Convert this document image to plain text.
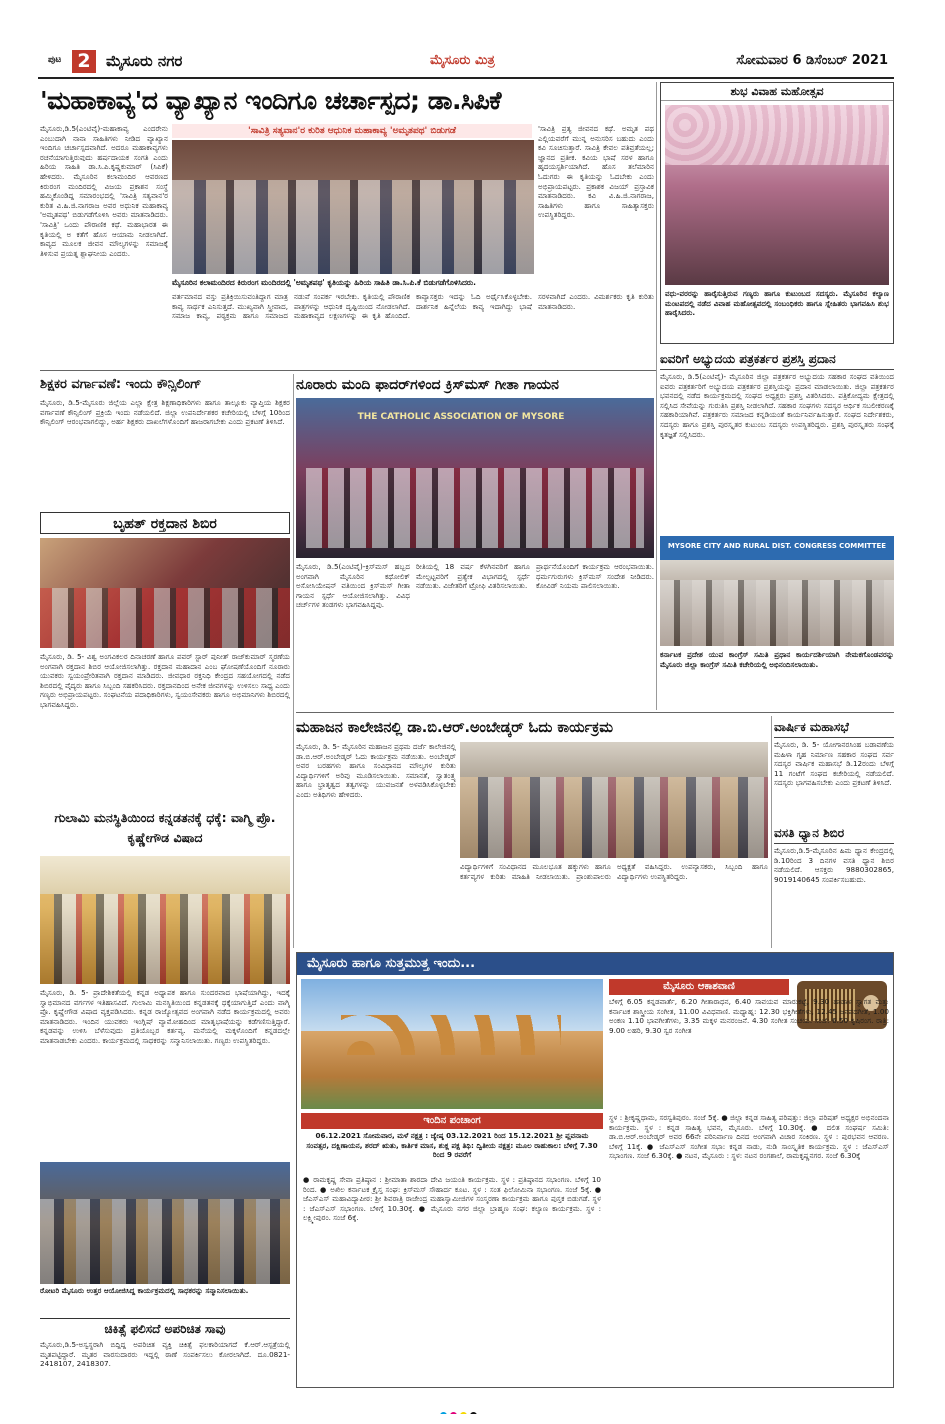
ಪುಟ 2	ಮೈಸೂರು ನಗರ	ಮೈಸೂರು ಮಿತ್ರ	ಸೋಮವಾರ 6 ಡಿಸೆಂಬರ್ 2021
'ಮಹಾಕಾವ್ಯ'ದ ವ್ಯಾಖ್ಯಾನ ಇಂದಿಗೂ ಚರ್ಚಾಸ್ಪದ; ಡಾ.ಸಿಪಿಕೆ
'ಸಾವಿತ್ರಿ ಸತ್ಯವಾನ'ರ ಕುರಿತ ಆಧುನಿಕ ಮಹಾಕಾವ್ಯ 'ಅಮೃತಪಥ' ಬಿಡುಗಡೆ
ಮೈಸೂರು,ಡಿ.5(ಎಂಟಿವೈ)-ಮಹಾಕಾವ್ಯ ಎಂದರೇನು ಎಂಬುದಾಗಿ ನಾನಾ ಸಾಹಿತಿಗಳು ನೀಡಿದ ವ್ಯಾಖ್ಯಾನ ಇಂದಿಗೂ ಚರ್ಚಾಸ್ಪದವಾಗಿದೆ. ಅದರೂ ಮಹಾಕಾವ್ಯಗಳು ರಚನೆಯಾಗುತ್ತಿರುವುದು ಹರ್ಷದಾಯಕ ಸಂಗತಿ ಎಂದು ಹಿರಿಯ ಸಾಹಿತಿ ಡಾ.ಸಿ.ಪಿ.ಕೃಷ್ಣಕುಮಾರ್ (ಸಿಪಿಕೆ) ಹೇಳಿದರು. ಮೈಸೂರಿನ ಕಲಾಮಂದಿರ ಆವರಣದ ಕಿರುರಂಗ ಮಂದಿರದಲ್ಲಿ ವಿಜಯ ಪ್ರಕಾಶನ ಸಂಸ್ಥೆ ಹಮ್ಮಿಕೊಂಡಿದ್ದ ಸಮಾರಂಭದಲ್ಲಿ 'ಸಾವಿತ್ರಿ ಸತ್ಯವಾನ'ರ ಕುರಿತ ವಿ.ಹಿ.ಜಿ.ನಾಗರಾಜ ಅವರ ಅಧುನಿಕ ಮಹಾಕಾವ್ಯ 'ಅಮೃತಪಥ' ಬಿಡುಗಡೆಗೊಳಿಸಿ ಅವರು ಮಾತನಾಡಿದರು. 'ಸಾವಿತ್ರಿ' ಒಂದು ಪೌರಾಣಿಕ ಕಥೆ. ಮಹಾಭಾರತ ಈ ಕೃತಿಯಲ್ಲಿ ಅ ಕತೆಗೆ ಹೊಸ ಆಯಾಮ ನೀಡಲಾಗಿದೆ. ಕಾವ್ಯದ ಮೂಲಕ ಜೀವನ ಮೌಲ್ಯಗಳನ್ನು ಸಮಾಜಕ್ಕೆ ತಿಳಿಸುವ ಪ್ರಯತ್ನ ಶ್ಲಾಘನೀಯ ಎಂದರು.
'ಸಾವಿತ್ರಿ ಪ್ರತ್ಯ ಜೀವನದ ಕಥೆ. ಅಮೃತ ಪಥ ಎಲ್ಲಿಯವರೆಗೆ ಮುನ್ನ ಅನುಸರಿಸ ಬಹುದು ಎಂದು ಕವಿ ಸೂಚಿಸುತ್ತಾರೆ. ಸಾವಿತ್ರಿ ಕೇವಲ ಪತಿವ್ರತೆಯಲ್ಲ; ಜ್ಞಾನದ ಪ್ರತೀಕ. ಕವಿಯ ಭಾಷೆ ಸರಳ ಹಾಗೂ ಹೃದಯಸ್ಪರ್ಶಿಯಾಗಿದೆ. ಹೊಸ ತಲೆಮಾರಿನ ಓದುಗರು ಈ ಕೃತಿಯನ್ನು ಓದಬೇಕು ಎಂದು ಅಭಿಪ್ರಾಯಪಟ್ಟರು. ಪ್ರಕಾಶಕ ವಿಜಯ್ ಪ್ರಸ್ತಾವಿಕ ಮಾತನಾಡಿದರು. ಕವಿ ವಿ.ಹಿ.ಜಿ.ನಾಗರಾಜ, ಸಾಹಿತಿಗಳು ಹಾಗೂ ಸಾಹಿತ್ಯಾಸಕ್ತರು ಉಪಸ್ಥಿತರಿದ್ದರು.
ಮೈಸೂರಿನ ಕಲಾಮಂದಿರದ ಕಿರುರಂಗ ಮಂದಿರದಲ್ಲಿ 'ಅಮೃತಪಥ' ಕೃತಿಯನ್ನು ಹಿರಿಯ ಸಾಹಿತಿ ಡಾ.ಸಿ.ಪಿ.ಕೆ ಬಿಡುಗಡೆಗೊಳಿಸಿದರು.
ವರ್ತಮಾನದ ವಸ್ತು ಪ್ರತಿಕ್ರಿಯಿಸುವಂತಿದ್ದಾಗ ಮಾತ್ರ ಕಾವ್ಯ ಸಾರ್ಥಕ ಎನಿಸುತ್ತದೆ. ಮುಖ್ಯವಾಗಿ ಸ್ತ್ರೀವಾದ, ಸಮಾಜ ಕಾವ್ಯ, ಪಠ್ಯಕ್ರಮ ಹಾಗೂ ಸಮಾಜದ ನಡುವೆ ಸಂಪರ್ಕ ಇರಬೇಕು. ಕೃತಿಯಲ್ಲಿ ಪೌರಾಣಿಕ ಪಾತ್ರಗಳನ್ನು ಆಧುನಿಕ ದೃಷ್ಟಿಯಿಂದ ನೋಡಲಾಗಿದೆ. ಮಹಾಕಾವ್ಯದ ಲಕ್ಷಣಗಳನ್ನು ಈ ಕೃತಿ ಹೊಂದಿದೆ. ಕಾವ್ಯಾಸಕ್ತರು ಇದನ್ನು ಓದಿ ಅರ್ಥೈಸಿಕೊಳ್ಳಬೇಕು. ದಾರ್ಶನಿಕ ಹಿನ್ನೆಲೆಯ ಕಾವ್ಯ ಇದಾಗಿದ್ದು ಭಾಷೆ ಸರಳವಾಗಿದೆ ಎಂದರು. ವಿಮರ್ಶಕರು ಕೃತಿ ಕುರಿತು ಮಾತನಾಡಿದರು.
ಶುಭ ವಿವಾಹ ಮಹೋತ್ಸವ
ವಧು-ವರರನ್ನು ಹಾರೈಸುತ್ತಿರುವ ಗಣ್ಯರು ಹಾಗೂ ಕುಟುಂಬದ ಸದಸ್ಯರು. ಮೈಸೂರಿನ ಕಲ್ಯಾಣ ಮಂಟಪದಲ್ಲಿ ನಡೆದ ವಿವಾಹ ಮಹೋತ್ಸವದಲ್ಲಿ ಸಂಬಂಧಿಕರು ಹಾಗೂ ಸ್ನೇಹಿತರು ಭಾಗವಹಿಸಿ ಶುಭ ಹಾರೈಸಿದರು.
ಐವರಿಗೆ ಅಭ್ಯುದಯ ಪತ್ರಕರ್ತರ ಪ್ರಶಸ್ತಿ ಪ್ರದಾನ
ಮೈಸೂರು, ಡಿ.5(ಎಂಟಿವೈ)- ಮೈಸೂರಿನ ಜಿಲ್ಲಾ ಪತ್ರಕರ್ತರ ಅಭ್ಯುದಯ ಸಹಕಾರ ಸಂಘದ ವತಿಯಿಂದ ಐವರು ಪತ್ರಕರ್ತರಿಗೆ ಅಭ್ಯುದಯ ಪತ್ರಕರ್ತರ ಪ್ರಶಸ್ತಿಯನ್ನು ಪ್ರದಾನ ಮಾಡಲಾಯಿತು. ಜಿಲ್ಲಾ ಪತ್ರಕರ್ತರ ಭವನದಲ್ಲಿ ನಡೆದ ಕಾರ್ಯಕ್ರಮದಲ್ಲಿ ಸಂಘದ ಅಧ್ಯಕ್ಷರು ಪ್ರಶಸ್ತಿ ವಿತರಿಸಿದರು. ಪತ್ರಿಕೋದ್ಯಮ ಕ್ಷೇತ್ರದಲ್ಲಿ ಸಲ್ಲಿಸಿದ ಸೇವೆಯನ್ನು ಗುರುತಿಸಿ ಪ್ರಶಸ್ತಿ ನೀಡಲಾಗಿದೆ. ಸಹಕಾರ ಸಂಘಗಳು ಸದಸ್ಯರ ಆರ್ಥಿಕ ಸಬಲೀಕರಣಕ್ಕೆ ಸಹಕಾರಿಯಾಗಿವೆ. ಪತ್ರಕರ್ತರು ಸಮಾಜದ ಕನ್ನಡಿಯಂತೆ ಕಾರ್ಯನಿರ್ವಹಿಸುತ್ತಾರೆ. ಸಂಘದ ನಿರ್ದೇಶಕರು, ಸದಸ್ಯರು ಹಾಗೂ ಪ್ರಶಸ್ತಿ ಪುರಸ್ಕೃತರ ಕುಟುಂಬ ಸದಸ್ಯರು ಉಪಸ್ಥಿತರಿದ್ದರು. ಪ್ರಶಸ್ತಿ ಪುರಸ್ಕೃತರು ಸಂಘಕ್ಕೆ ಕೃತಜ್ಞತೆ ಸಲ್ಲಿಸಿದರು.
ಶಿಕ್ಷಕರ ವರ್ಗಾವಣೆ: ಇಂದು ಕೌನ್ಸಿಲಿಂಗ್
ಮೈಸೂರು, ಡಿ.5-ಮೈಸೂರು ಜಿಲ್ಲೆಯ ಎಲ್ಲಾ ಕ್ಷೇತ್ರ ಶಿಕ್ಷಣಾಧಿಕಾರಿಗಳು ಹಾಗೂ ತಾಲ್ಲೂಕು ವ್ಯಾಪ್ತಿಯ ಶಿಕ್ಷಕರ ವರ್ಗಾವಣೆ ಕೌನ್ಸಿಲಿಂಗ್ ಪ್ರಕ್ರಿಯೆ ಇಂದು ನಡೆಯಲಿದೆ. ಜಿಲ್ಲಾ ಉಪನಿರ್ದೇಶಕರ ಕಚೇರಿಯಲ್ಲಿ ಬೆಳಿಗ್ಗೆ 10ರಿಂದ ಕೌನ್ಸಿಲಿಂಗ್ ಆರಂಭವಾಗಲಿದ್ದು, ಅರ್ಹ ಶಿಕ್ಷಕರು ದಾಖಲೆಗಳೊಂದಿಗೆ ಹಾಜರಾಗಬೇಕು ಎಂದು ಪ್ರಕಟಣೆ ತಿಳಿಸಿದೆ.
ನೂರಾರು ಮಂದಿ ಫಾದರ್‌ಗಳಿಂದ ಕ್ರಿಸ್‌ಮಸ್ ಗೀತಾ ಗಾಯನ
THE CATHOLIC ASSOCIATION OF MYSORE
ಮೈಸೂರು, ಡಿ.5(ಎಂಟಿವೈ)-ಕ್ರಿಸ್‌ಮಸ್ ಹಬ್ಬದ ಅಂಗವಾಗಿ ಮೈಸೂರಿನ ಕಥೋಲಿಕ್ ಅಸೋಸಿಯೇಷನ್ ವತಿಯಿಂದ ಕ್ರಿಸ್‌ಮಸ್ ಗೀತಾ ಗಾಯನ ಸ್ಪರ್ಧೆ ಆಯೋಜಿಸಲಾಗಿತ್ತು. ವಿವಿಧ ಚರ್ಚ್‌ಗಳ ತಂಡಗಳು ಭಾಗವಹಿಸಿದ್ದವು.
ರೀತಿಯಲ್ಲಿ 18 ವರ್ಷ ಕೆಳಗಿನವರಿಗೆ ಹಾಗೂ ಮೇಲ್ಪಟ್ಟವರಿಗೆ ಪ್ರತ್ಯೇಕ ವಿಭಾಗದಲ್ಲಿ ಸ್ಪರ್ಧೆ ನಡೆಯಿತು. ವಿಜೇತರಿಗೆ ಟ್ರೋಫಿ ವಿತರಿಸಲಾಯಿತು.
ಪ್ರಾರ್ಥನೆಯೊಂದಿಗೆ ಕಾರ್ಯಕ್ರಮ ಆರಂಭವಾಯಿತು. ಧರ್ಮಗುರುಗಳು ಕ್ರಿಸ್‌ಮಸ್ ಸಂದೇಶ ನೀಡಿದರು. ಕೋವಿಡ್ ನಿಯಮ ಪಾಲಿಸಲಾಯಿತು.
ಬೃಹತ್ ರಕ್ತದಾನ ಶಿಬಿರ
ಮೈಸೂರು, ಡಿ. 5- ವಿಶ್ವ ಅಂಗವಿಕಲರ ದಿನಾಚರಣೆ ಹಾಗೂ ಪವರ್ ಸ್ಟಾರ್ ಪುನೀತ್ ರಾಜ್‍ಕುಮಾರ್ ಸ್ಮರಣೆಯ ಅಂಗವಾಗಿ ರಕ್ತದಾನ ಶಿಬಿರ ಆಯೋಜಿಸಲಾಗಿತ್ತು. ರಕ್ತದಾನ ಮಹಾದಾನ ಎಂಬ ಘೋಷಣೆಯೊಂದಿಗೆ ನೂರಾರು ಯುವಕರು ಸ್ವಯಂಪ್ರೇರಿತವಾಗಿ ರಕ್ತದಾನ ಮಾಡಿದರು. ಜೀವಧಾರ ರಕ್ತನಿಧಿ ಕೇಂದ್ರದ ಸಹಯೋಗದಲ್ಲಿ ನಡೆದ ಶಿಬಿರದಲ್ಲಿ ವೈದ್ಯರು ಹಾಗೂ ಸಿಬ್ಬಂದಿ ಸಹಕರಿಸಿದರು. ರಕ್ತದಾನದಿಂದ ಅನೇಕ ಜೀವಗಳನ್ನು ಉಳಿಸಲು ಸಾಧ್ಯ ಎಂದು ಗಣ್ಯರು ಅಭಿಪ್ರಾಯಪಟ್ಟರು. ಸಂಘಟನೆಯ ಪದಾಧಿಕಾರಿಗಳು, ಸ್ವಯಂಸೇವಕರು ಹಾಗೂ ಅಭಿಮಾನಿಗಳು ಶಿಬಿರದಲ್ಲಿ ಭಾಗವಹಿಸಿದ್ದರು.
MYSORE CITY AND RURAL DIST. CONGRESS COMMITTEE
ಕರ್ನಾಟಕ ಪ್ರದೇಶ ಯುವ ಕಾಂಗ್ರೆಸ್ ಸಮಿತಿ ಪ್ರಧಾನ ಕಾರ್ಯದರ್ಶಿಯಾಗಿ ನೇಮಕಗೊಂಡವರನ್ನು ಮೈಸೂರು ಜಿಲ್ಲಾ ಕಾಂಗ್ರೆಸ್ ಸಮಿತಿ ಕಚೇರಿಯಲ್ಲಿ ಅಭಿನಂದಿಸಲಾಯಿತು.
ಮಹಾಜನ ಕಾಲೇಜಿನಲ್ಲಿ ಡಾ.ಬಿ.ಆರ್.ಅಂಬೇಡ್ಕರ್ ಓದು ಕಾರ್ಯಕ್ರಮ
ಮೈಸೂರು, ಡಿ. 5- ಮೈಸೂರಿನ ಮಹಾಜನ ಪ್ರಥಮ ದರ್ಜೆ ಕಾಲೇಜಿನಲ್ಲಿ ಡಾ.ಬಿ.ಆರ್.ಅಂಬೇಡ್ಕರ್ ಓದು ಕಾರ್ಯಕ್ರಮ ನಡೆಯಿತು. ಅಂಬೇಡ್ಕರ್ ಅವರ ಬರಹಗಳು ಹಾಗೂ ಸಂವಿಧಾನದ ಮೌಲ್ಯಗಳ ಕುರಿತು ವಿದ್ಯಾರ್ಥಿಗಳಿಗೆ ಅರಿವು ಮೂಡಿಸಲಾಯಿತು. ಸಮಾನತೆ, ಸ್ವಾತಂತ್ರ್ಯ ಹಾಗೂ ಭ್ರಾತೃತ್ವದ ತತ್ವಗಳನ್ನು ಯುವಜನತೆ ಅಳವಡಿಸಿಕೊಳ್ಳಬೇಕು ಎಂದು ಅತಿಥಿಗಳು ಹೇಳಿದರು.
ವಿದ್ಯಾರ್ಥಿಗಳಿಗೆ ಸಂವಿಧಾನದ ಮೂಲಭೂತ ಹಕ್ಕುಗಳು ಹಾಗೂ ಕರ್ತವ್ಯಗಳ ಕುರಿತು ಮಾಹಿತಿ ನೀಡಲಾಯಿತು. ಪ್ರಾಂಶುಪಾಲರು ಅಧ್ಯಕ್ಷತೆ ವಹಿಸಿದ್ದರು. ಉಪನ್ಯಾಸಕರು, ಸಿಬ್ಬಂದಿ ಹಾಗೂ ವಿದ್ಯಾರ್ಥಿಗಳು ಉಪಸ್ಥಿತರಿದ್ದರು.
ವಾರ್ಷಿಕ ಮಹಾಸಭೆ
ಮೈಸೂರು, ಡಿ. 5- ಯೋಗಾನರಸಿಂಹ ಬಡಾವಣೆಯ ಮಹಿಳಾ ಗೃಹ ನಿರ್ಮಾಣ ಸಹಕಾರ ಸಂಘದ ಸರ್ವ ಸದಸ್ಯರ ವಾರ್ಷಿಕ ಮಹಾಸಭೆ ಡಿ.12ರಂದು ಬೆಳಿಗ್ಗೆ 11 ಗಂಟೆಗೆ ಸಂಘದ ಕಚೇರಿಯಲ್ಲಿ ನಡೆಯಲಿದೆ. ಸದಸ್ಯರು ಭಾಗವಹಿಸಬೇಕು ಎಂದು ಪ್ರಕಟಣೆ ತಿಳಿಸಿದೆ.
ವಸತಿ ಧ್ಯಾನ ಶಿಬಿರ
ಮೈಸೂರು,ಡಿ.5-ಮೈಸೂರಿನ ಹಿಮ ಧ್ಯಾನ ಕೇಂದ್ರದಲ್ಲಿ ಡಿ.10ರಿಂದ 3 ದಿನಗಳ ವಸತಿ ಧ್ಯಾನ ಶಿಬಿರ ನಡೆಯಲಿದೆ. ಆಸಕ್ತರು 9880302865, 9019140645 ಸಂಪರ್ಕಿಸಬಹುದು.
ಗುಲಾಮಿ ಮನಸ್ಥಿತಿಯಿಂದ ಕನ್ನಡತನಕ್ಕೆ ಧಕ್ಕೆ: ವಾಗ್ಮಿ ಪ್ರೊ. ಕೃಷ್ಣೇಗೌಡ ವಿಷಾದ
ಮೈಸೂರು, ಡಿ. 5- ಪ್ರಾದೇಶಿಕತೆಯಲ್ಲಿ ಕನ್ನಡ ಅಧ್ಯಾಪಕ ಹಾಗೂ ಸುಂದರವಾದ ಭಾಷೆಯಾಗಿದ್ದು, ಇದಕ್ಕೆ ಸ್ವಾಭಿಮಾನದ ವರ್ಗಗಳ ಇತಿಹಾಸವಿದೆ. ಗುಲಾಮಿ ಮನಸ್ಥಿತಿಯಿಂದ ಕನ್ನಡತನಕ್ಕೆ ಧಕ್ಕೆಯಾಗುತ್ತಿದೆ ಎಂದು ವಾಗ್ಮಿ ಪ್ರೊ. ಕೃಷ್ಣೇಗೌಡ ವಿಷಾದ ವ್ಯಕ್ತಪಡಿಸಿದರು. ಕನ್ನಡ ರಾಜ್ಯೋತ್ಸವದ ಅಂಗವಾಗಿ ನಡೆದ ಕಾರ್ಯಕ್ರಮದಲ್ಲಿ ಅವರು ಮಾತನಾಡಿದರು. ಇಂದಿನ ಯುವಕರು ಇಂಗ್ಲಿಷ್ ವ್ಯಾಮೋಹದಿಂದ ಮಾತೃಭಾಷೆಯನ್ನು ಕಡೆಗಣಿಸುತ್ತಿದ್ದಾರೆ. ಕನ್ನಡವನ್ನು ಉಳಿಸಿ ಬೆಳೆಸುವುದು ಪ್ರತಿಯೊಬ್ಬರ ಕರ್ತವ್ಯ. ಮನೆಯಲ್ಲಿ ಮಕ್ಕಳೊಂದಿಗೆ ಕನ್ನಡದಲ್ಲೇ ಮಾತನಾಡಬೇಕು ಎಂದರು. ಕಾರ್ಯಕ್ರಮದಲ್ಲಿ ಸಾಧಕರನ್ನು ಸನ್ಮಾನಿಸಲಾಯಿತು. ಗಣ್ಯರು ಉಪಸ್ಥಿತರಿದ್ದರು.
ರೋಟರಿ ಮೈಸೂರು ಉತ್ತರ ಆಯೋಜಿಸಿದ್ದ ಕಾರ್ಯಕ್ರಮದಲ್ಲಿ ಸಾಧಕರನ್ನು ಸನ್ಮಾನಿಸಲಾಯಿತು.
ಚಿಕಿತ್ಸೆ ಫಲಿಸದೆ ಅಪರಿಚಿತ ಸಾವು
ಮೈಸೂರು,ಡಿ.5-ಅಸ್ವಸ್ಥರಾಗಿ ಬಿದ್ದಿದ್ದ ಅಪರಿಚಿತ ವ್ಯಕ್ತಿ ಚಿಕಿತ್ಸೆ ಫಲಕಾರಿಯಾಗದೆ ಕೆ.ಆರ್.ಆಸ್ಪತ್ರೆಯಲ್ಲಿ ಮೃತಪಟ್ಟಿದ್ದಾರೆ. ಮೃತರ ವಾರಸುದಾರರು ಇದ್ದಲ್ಲಿ ಠಾಣೆ ಸಂಪರ್ಕಿಸಲು ಕೋರಲಾಗಿದೆ. ದೂ.0821-2418107, 2418307.
ಮೈಸೂರು ಹಾಗೂ ಸುತ್ತಮುತ್ತ ಇಂದು...
ಇಂದಿನ ಪಂಚಾಂಗ
06.12.2021 ಸೋಮವಾರ, ಮಳೆ ನಕ್ಷತ್ರ : ಜ್ಯೇಷ್ಠ 03.12.2021 ರಿಂದ 15.12.2021 ಶ್ರೀ ಪ್ಲವನಾಮ ಸಂವತ್ಸರ, ದಕ್ಷಿಣಾಯನ, ಶರದ್ ಋತು, ಕಾರ್ತಿಕ ಮಾಸ, ಶುಕ್ಲ ಪಕ್ಷ ತಿಥಿ: ದ್ವಿತೀಯ ನಕ್ಷತ್ರ: ಮೂಲ ರಾಹುಕಾಲ: ಬೆಳಿಗ್ಗೆ 7.30 ರಿಂದ 9 ರವರೆಗೆ
ಮೈಸೂರು ಆಕಾಶವಾಣಿ
ಬೆಳಿಗ್ಗೆ 6.05 ಕನ್ನಡವಾರ್ತೆ, 6.20 ಗೀತಾರಾಧನ, 6.40 ಸಾವಯವ ಮಾರುಕಟ್ಟೆ, 9.30 ಹಾಡಾಳ ಸ್ವಾಗತ ಮತ್ತು ಕರ್ನಾಟಕ ಶಾಸ್ತ್ರೀಯ ಸಂಗೀತ, 11.00 ವಿವಿಧವಾಣಿ. ಮಧ್ಯಾಹ್ನ: 12.30 ಭಕ್ತಿಗೀತೆಗಳು, 12.45 ಜನಪದಗೀತೆ, 1.00 ಅಂಕಣ 1.10 ಭಾವಗೀತೆಗಳು, 3.35 ಮಕ್ಕಳ ಮನರಂಜನೆ. 4.30 ಸಂಗೀತ ಸಂಚಯ. ಸಂಜೆ: 6.50 ಕೃಷಿರಂಗ. ರಾತ್ರಿ: 9.00 ಲಹರಿ, 9.30 ಸ್ವರ ಸಂಗೀತ
ಸ್ಥಳ : ಶ್ರೀಕೃಷ್ಣಧಾಮ, ಸರಸ್ವತಿಪುರಂ. ಸಂಜೆ 5ಕ್ಕೆ. ● ಜಿಲ್ಲಾ ಕನ್ನಡ ಸಾಹಿತ್ಯ ಪರಿಷತ್ತು: ಜಿಲ್ಲಾ ಪರಿಷತ್ ಅಧ್ಯಕ್ಷರ ಅಭಿನಂದನಾ ಕಾರ್ಯಕ್ರಮ. ಸ್ಥಳ : ಕನ್ನಡ ಸಾಹಿತ್ಯ ಭವನ, ಮೈಸೂರು. ಬೆಳಿಗ್ಗೆ 10.30ಕ್ಕೆ. ● ದಲಿತ ಸಂಘರ್ಷ ಸಮಿತಿ: ಡಾ.ಬಿ.ಆರ್.ಅಂಬೇಡ್ಕರ್ ಅವರ 66ನೇ ಪರಿನಿರ್ವಾಣ ದಿನದ ಅಂಗವಾಗಿ ವಿಚಾರ ಸಂಕಿರಣ. ಸ್ಥಳ : ಪುರಭವನ ಆವರಣ. ಬೆಳಿಗ್ಗೆ 11ಕ್ಕೆ. ● ಜೆಎಸ್‌ಎಸ್ ಸಂಗೀತ ಸಭಾ: ಕನ್ನಡ ನಾಡು, ನುಡಿ ಸಾಂಸ್ಕೃತಿಕ ಕಾರ್ಯಕ್ರಮ. ಸ್ಥಳ : ಜೆಎಸ್‌ಎಸ್ ಸಭಾಂಗಣ. ಸಂಜೆ 6.30ಕ್ಕೆ. ● ನಟನ, ಮೈಸೂರು : ಸ್ಥಳ: ನಟನ ರಂಗಶಾಲೆ, ರಾಮಕೃಷ್ಣನಗರ. ಸಂಜೆ 6.30ಕ್ಕೆ
● ರಾಮಕೃಷ್ಣ ಸೇವಾ ಪ್ರತಿಷ್ಠಾನ : ಶ್ರೀಮಾತಾ ಶಾರದಾ ದೇವಿ ಜಯಂತಿ ಕಾರ್ಯಕ್ರಮ. ಸ್ಥಳ : ಪ್ರತಿಷ್ಠಾನದ ಸಭಾಂಗಣ. ಬೆಳಿಗ್ಗೆ 10 ರಿಂದ. ● ಅಖಿಲ ಕರ್ನಾಟಕ ಕ್ರೈಸ್ತ ಸಂಘ: ಕ್ರಿಸ್‌ಮಸ್ ಸೌಹಾರ್ದ ಕೂಟ. ಸ್ಥಳ : ಸಂತ ಫಿಲೋಮಿನಾ ಸಭಾಂಗಣ. ಸಂಜೆ 5ಕ್ಕೆ. ● ಜೆಎಸ್‌ಎಸ್ ಮಹಾವಿದ್ಯಾಪೀಠ: ಶ್ರೀ ಶಿವರಾತ್ರಿ ರಾಜೇಂದ್ರ ಮಹಾಸ್ವಾಮೀಜಿಗಳ ಸಂಸ್ಮರಣಾ ಕಾರ್ಯಕ್ರಮ ಹಾಗೂ ಪುಸ್ತಕ ಬಿಡುಗಡೆ. ಸ್ಥಳ : ಜೆಎಸ್‌ಎಸ್ ಸಭಾಂಗಣ. ಬೆಳಿಗ್ಗೆ 10.30ಕ್ಕೆ. ● ಮೈಸೂರು ನಗರ ಜಿಲ್ಲಾ ಬ್ರಾಹ್ಮಣ ಸಂಘ: ಕಲ್ಯಾಣ ಕಾರ್ಯಕ್ರಮ. ಸ್ಥಳ : ಲಕ್ಷ್ಮೀಪುರಂ. ಸಂಜೆ 6ಕ್ಕೆ.
